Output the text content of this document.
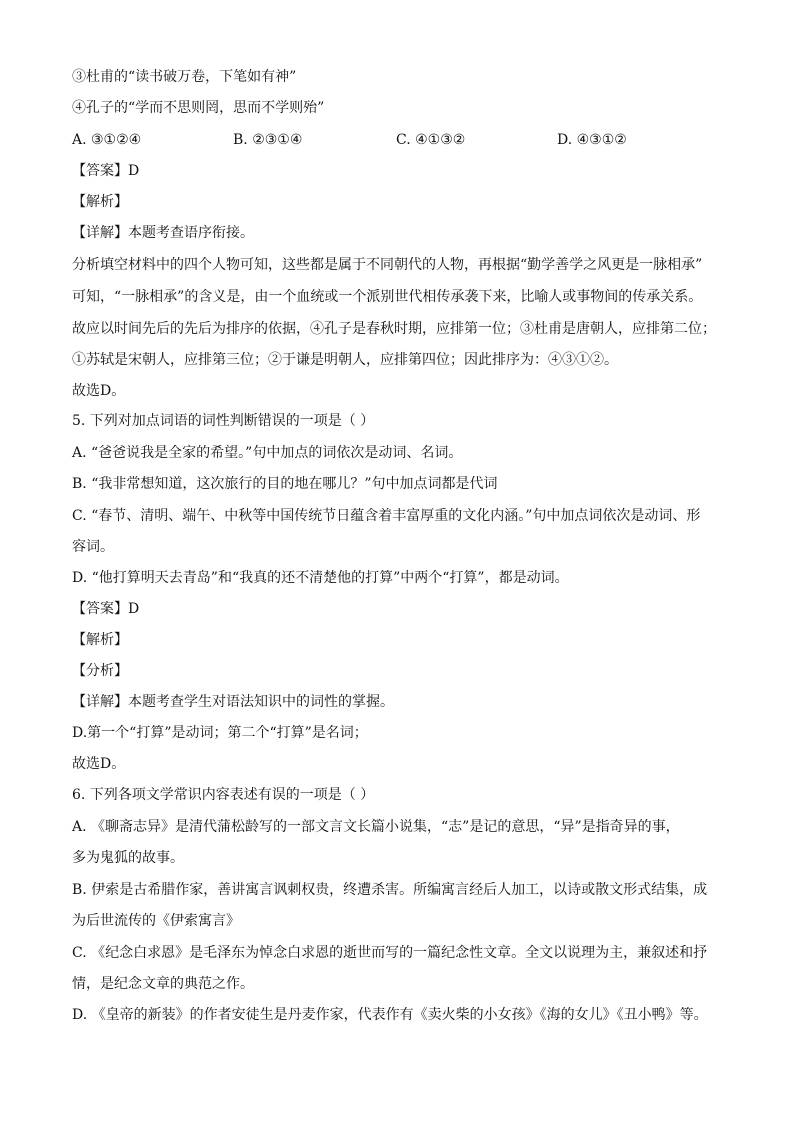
③杜甫的“读书破万卷，下笔如有神”
④孔子的“学而不思则罔，思而不学则殆”
A. ③①②④	B. ②③①④	C. ④①③②	D. ④③①②
【答案】D
【解析】
【详解】本题考查语序衔接。
分析填空材料中的四个人物可知，这些都是属于不同朝代的人物，再根据“勤学善学之风更是一脉相承”
可知，“一脉相承”的含义是，由一个血统或一个派别世代相传承袭下来，比喻人或事物间的传承关系。
故应以时间先后的先后为排序的依据，④孔子是春秋时期，应排第一位；③杜甫是唐朝人，应排第二位；
①苏轼是宋朝人，应排第三位；②于谦是明朝人，应排第四位；因此排序为：④③①②。
故选D。
5. 下列对加点词语的词性判断错误的一项是（ ）
A. “爸爸说我是全家的希望。”句中加点的词依次是动词、名词。
B. “我非常想知道，这次旅行的目的地在哪儿？”句中加点词都是代词
C. “春节、清明、端午、中秋等中国传统节日蕴含着丰富厚重的文化内涵。”句中加点词依次是动词、形
容词。
D. “他打算明天去青岛”和“我真的还不清楚他的打算”中两个“打算”，都是动词。
【答案】D
【解析】
【分析】
【详解】本题考查学生对语法知识中的词性的掌握。
D.第一个“打算”是动词；第二个“打算”是名词；
故选D。
6. 下列各项文学常识内容表述有误的一项是（ ）
A. 《聊斋志异》是清代蒲松龄写的一部文言文长篇小说集，“志”是记的意思，“异”是指奇异的事，
多为鬼狐的故事。
B. 伊索是古希腊作家，善讲寓言讽刺权贵，终遭杀害。所编寓言经后人加工，以诗或散文形式结集，成
为后世流传的《伊索寓言》
C. 《纪念白求恩》是毛泽东为悼念白求恩的逝世而写的一篇纪念性文章。全文以说理为主，兼叙述和抒
情，是纪念文章的典范之作。
D. 《皇帝的新装》的作者安徒生是丹麦作家，代表作有《卖火柴的小女孩》《海的女儿》《丑小鸭》等。
